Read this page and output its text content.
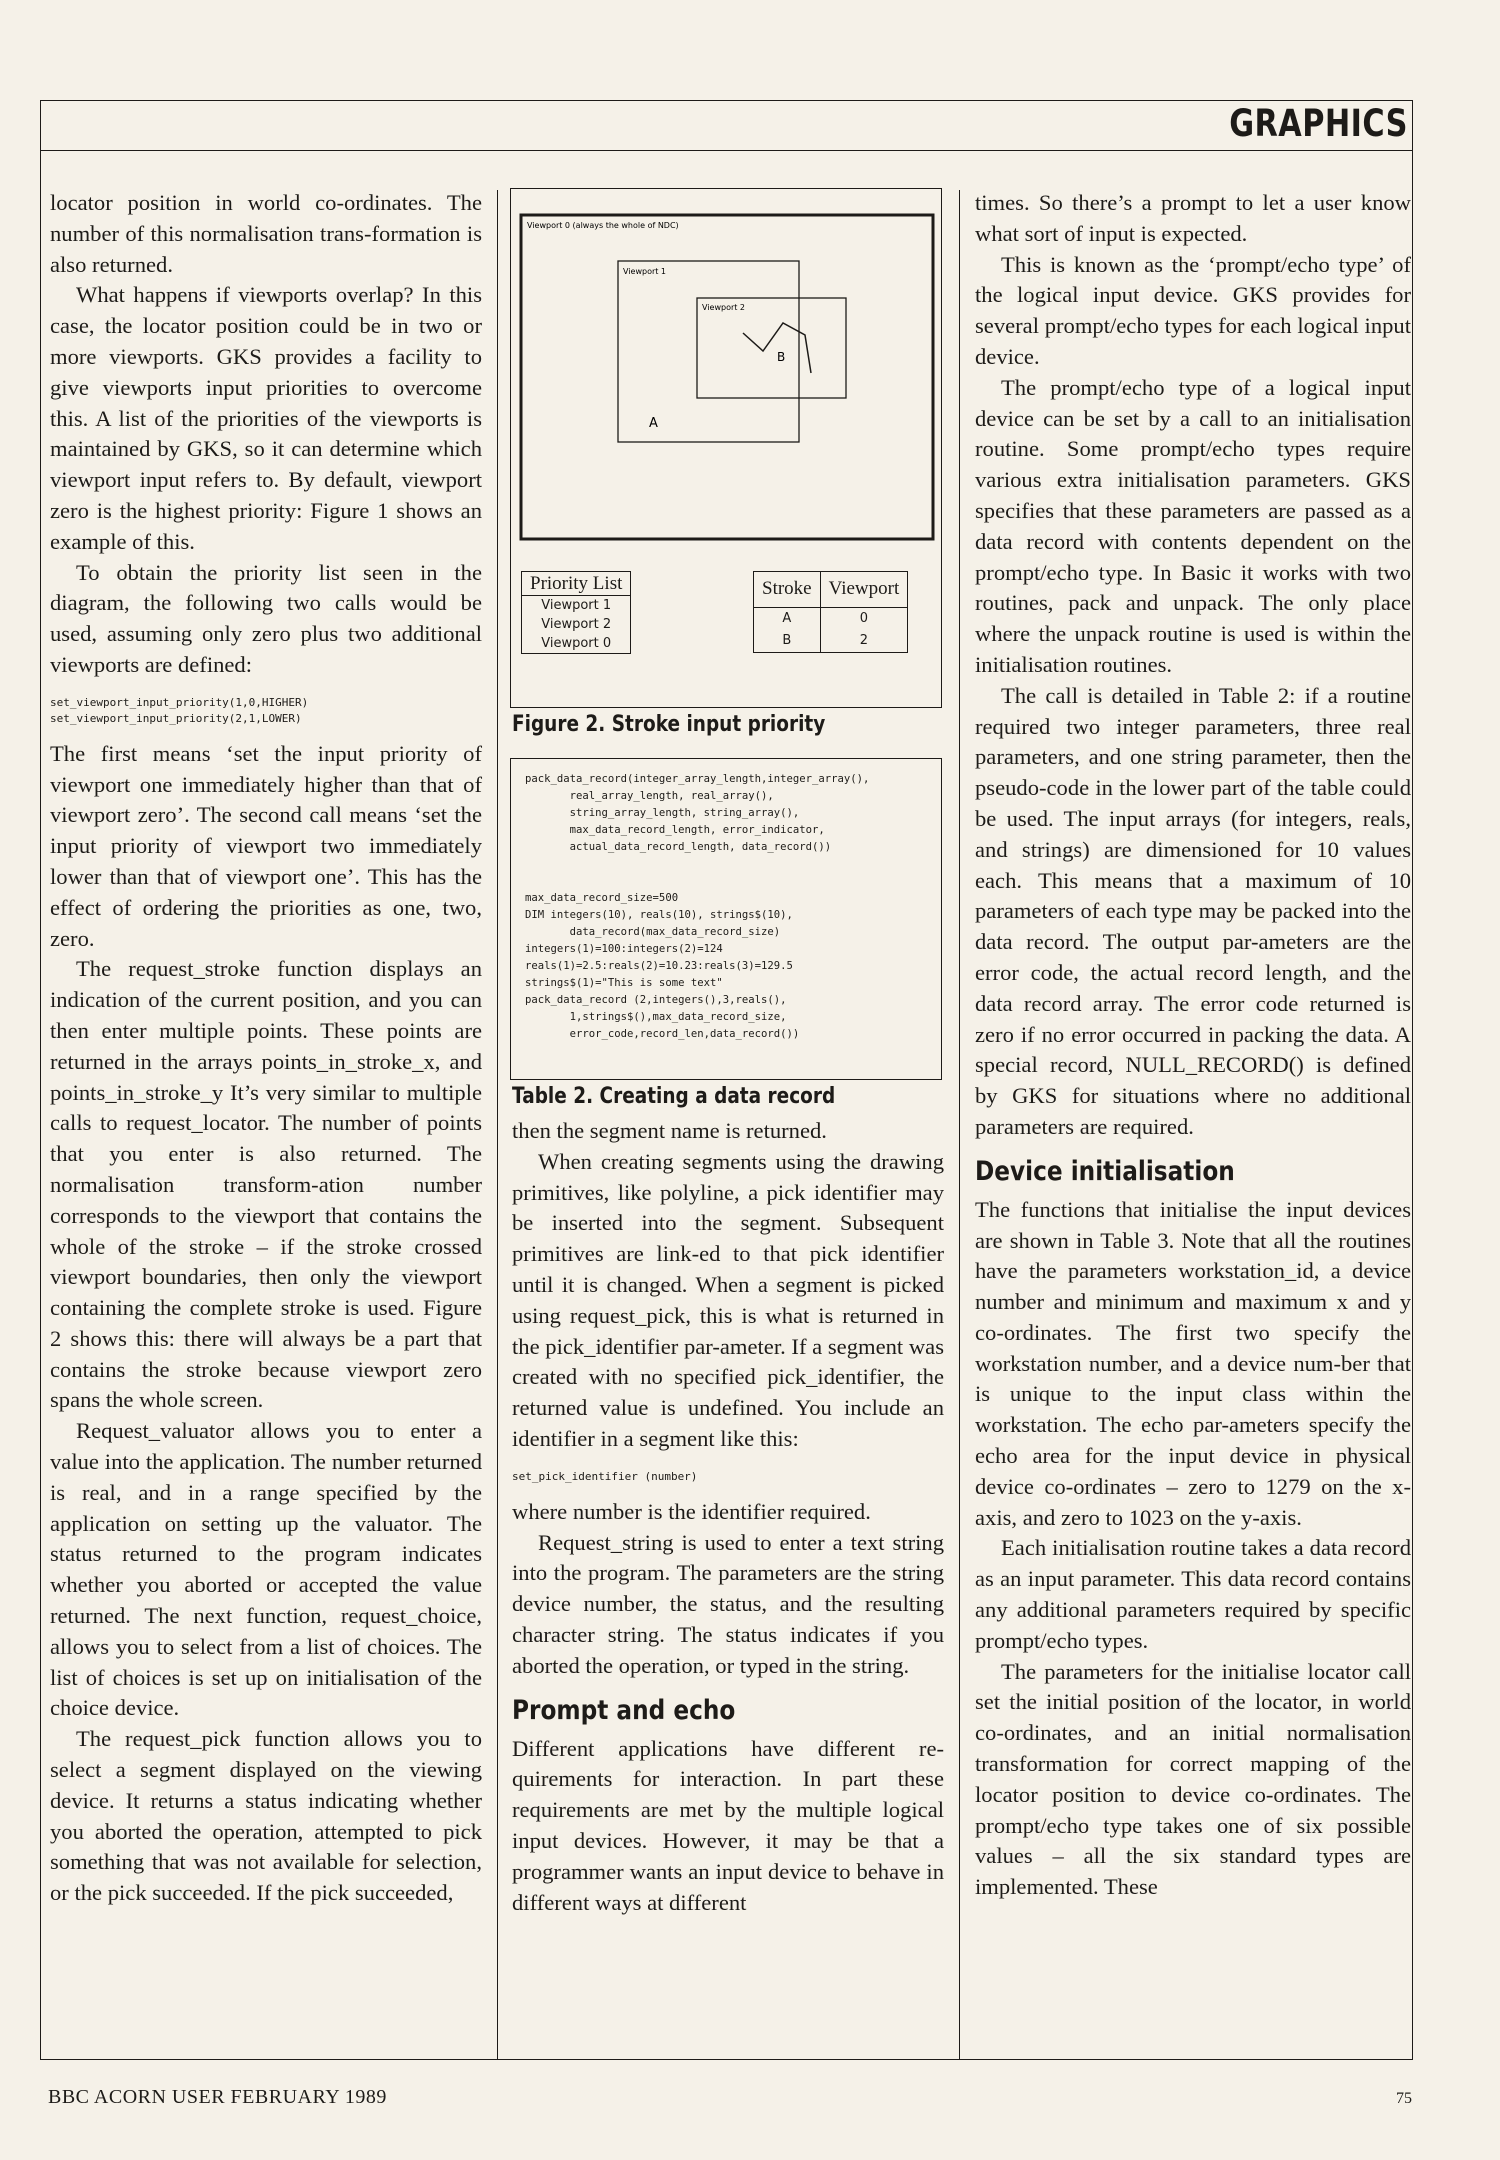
GRAPHICS

locator position in world co-ordinates. The number of this normalisation trans-formation is also returned.

What happens if viewports overlap? In this case, the locator position could be in two or more viewports. GKS provides a facility to give viewports input priorities to overcome this. A list of the priorities of the viewports is maintained by GKS, so it can determine which viewport input refers to. By default, viewport zero is the highest priority: Figure 1 shows an example of this.

To obtain the priority list seen in the diagram, the following two calls would be used, assuming only zero plus two additional viewports are defined:

set_viewport_input_priority(1,0,HIGHER)
set_viewport_input_priority(2,1,LOWER)

The first means ‘set the input priority of viewport one immediately higher than that of viewport zero’. The second call means ‘set the input priority of viewport two immediately lower than that of viewport one’. This has the effect of ordering the priorities as one, two, zero.

The request_stroke function displays an indication of the current position, and you can then enter multiple points. These points are returned in the arrays points_in_stroke_x, and points_in_stroke_y It’s very similar to multiple calls to request_locator. The number of points that you enter is also returned. The normalisation transform-ation number corresponds to the viewport that contains the whole of the stroke – if the stroke crossed viewport boundaries, then only the viewport containing the complete stroke is used. Figure 2 shows this: there will always be a part that contains the stroke because viewport zero spans the whole screen.

Request_valuator allows you to enter a value into the application. The number returned is real, and in a range specified by the application on setting up the valuator. The status returned to the program indicates whether you aborted or accepted the value returned. The next function, request_choice, allows you to select from a list of choices. The list of choices is set up on initialisation of the choice device.

The request_pick function allows you to select a segment displayed on the viewing device. It returns a status indicating whether you aborted the operation, attempted to pick something that was not available for selection, or the pick succeeded. If the pick succeeded,

Viewport 0 (always the whole of NDC)
Viewport 1
Viewport 2
B
A
Priority List
Viewport 1
Viewport 2
Viewport 0
Stroke	Viewport
A	0
B	2
Figure 2. Stroke input priority
pack_data_record(integer_array_length,integer_array(),
real_array_length, real_array(),
string_array_length, string_array(),
max_data_record_length, error_indicator,
actual_data_record_length, data_record())

max_data_record_size=500
DIM integers(10), reals(10), strings$(10),
data_record(max_data_record_size)
integers(1)=100:integers(2)=124
reals(1)=2.5:reals(2)=10.23:reals(3)=129.5
strings$(1)="This is some text"
pack_data_record (2,integers(),3,reals(),
1,strings$(),max_data_record_size,
error_code,record_len,data_record())
Table 2. Creating a data record

then the segment name is returned.

When creating segments using the drawing primitives, like polyline, a pick identifier may be inserted into the segment. Subsequent primitives are link-ed to that pick identifier until it is changed. When a segment is picked using request_pick, this is what is returned in the pick_identifier par-ameter. If a segment was created with no specified pick_identifier, the returned value is undefined. You include an identifier in a segment like this:

set_pick_identifier (number)

where number is the identifier required.

Request_string is used to enter a text string into the program. The parameters are the string device number, the status, and the resulting character string. The status indicates if you aborted the operation, or typed in the string.

Prompt and echo

Different applications have different re-quirements for interaction. In part these requirements are met by the multiple logical input devices. However, it may be that a programmer wants an input device to behave in different ways at different

times. So there’s a prompt to let a user know what sort of input is expected.

This is known as the ‘prompt/echo type’ of the logical input device. GKS provides for several prompt/echo types for each logical input device.

The prompt/echo type of a logical input device can be set by a call to an initialisation routine. Some prompt/echo types require various extra initialisation parameters. GKS specifies that these parameters are passed as a data record with contents dependent on the prompt/echo type. In Basic it works with two routines, pack and unpack. The only place where the unpack routine is used is within the initialisation routines.

The call is detailed in Table 2: if a routine required two integer parameters, three real parameters, and one string parameter, then the pseudo-code in the lower part of the table could be used. The input arrays (for integers, reals, and strings) are dimensioned for 10 values each. This means that a maximum of 10 parameters of each type may be packed into the data record. The output par-ameters are the error code, the actual record length, and the data record array. The error code returned is zero if no error occurred in packing the data. A special record, NULL_RECORD() is defined by GKS for situations where no additional parameters are required.

Device initialisation

The functions that initialise the input devices are shown in Table 3. Note that all the routines have the parameters workstation_id, a device number and minimum and maximum x and y co-ordinates. The first two specify the workstation number, and a device num-ber that is unique to the input class within the workstation. The echo par-ameters specify the echo area for the input device in physical device co-ordinates – zero to 1279 on the x-axis, and zero to 1023 on the y-axis.

Each initialisation routine takes a data record as an input parameter. This data record contains any additional parameters required by specific prompt/echo types.

The parameters for the initialise locator call set the initial position of the locator, in world co-ordinates, and an initial normalisation transformation for correct mapping of the locator position to device co-ordinates. The prompt/echo type takes one of six possible values – all the six standard types are implemented. These

BBC ACORN USER FEBRUARY 1989	75
